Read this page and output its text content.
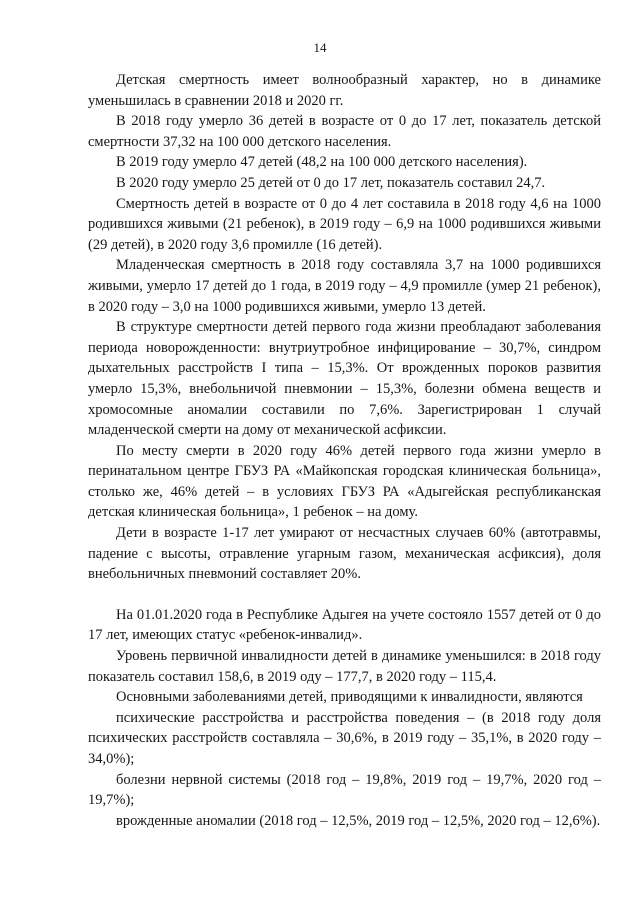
14

Детская смертность имеет волнообразный характер, но в динамике уменьшилась в сравнении 2018 и 2020 гг.

В 2018 году умерло 36 детей в возрасте от 0 до 17 лет, показатель детской смертности 37,32 на 100 000 детского населения.

В 2019 году умерло 47 детей (48,2 на 100 000 детского населения).

В 2020 году умерло 25 детей от 0 до 17 лет, показатель составил 24,7.

Смертность детей в возрасте от 0 до 4 лет составила в 2018 году 4,6 на 1000 родившихся живыми (21 ребенок), в 2019 году – 6,9 на 1000 родившихся живыми (29 детей), в 2020 году 3,6 промилле (16 детей).

Младенческая смертность в 2018 году составляла 3,7 на 1000 родившихся живыми, умерло 17 детей до 1 года, в 2019 году – 4,9 промилле (умер 21 ребенок), в 2020 году – 3,0 на 1000 родившихся живыми, умерло 13 детей.

В структуре смертности детей первого года жизни преобладают заболевания периода новорожденности: внутриутробное инфицирование – 30,7%, синдром дыхательных расстройств I типа – 15,3%. От врожденных пороков развития умерло 15,3%, внебольничой пневмонии – 15,3%, болезни обмена веществ и хромосомные аномалии составили по 7,6%. Зарегистрирован 1 случай младенческой смерти на дому от механической асфиксии.

По месту смерти в 2020 году 46% детей первого года жизни умерло в перинатальном центре ГБУЗ РА «Майкопская городская клиническая больница», столько же, 46% детей – в условиях ГБУЗ РА «Адыгейская республиканская детская клиническая больница», 1 ребенок – на дому.

Дети в возрасте 1-17 лет умирают от несчастных случаев 60% (автотравмы, падение с высоты, отравление угарным газом, механическая асфиксия), доля внебольничных пневмоний составляет 20%.

На 01.01.2020 года в Республике Адыгея на учете состояло 1557 детей от 0 до 17 лет, имеющих статус «ребенок-инвалид».

Уровень первичной инвалидности детей в динамике уменьшился: в 2018 году показатель составил 158,6, в 2019 оду – 177,7, в 2020 году – 115,4.

Основными заболеваниями детей, приводящими к инвалидности, являются

психические расстройства и расстройства поведения – (в 2018 году доля психических расстройств составляла – 30,6%, в 2019 году – 35,1%, в 2020 году – 34,0%);

болезни нервной системы (2018 год – 19,8%, 2019 год – 19,7%, 2020 год – 19,7%);

врожденные аномалии (2018 год – 12,5%, 2019 год – 12,5%, 2020 год – 12,6%).
